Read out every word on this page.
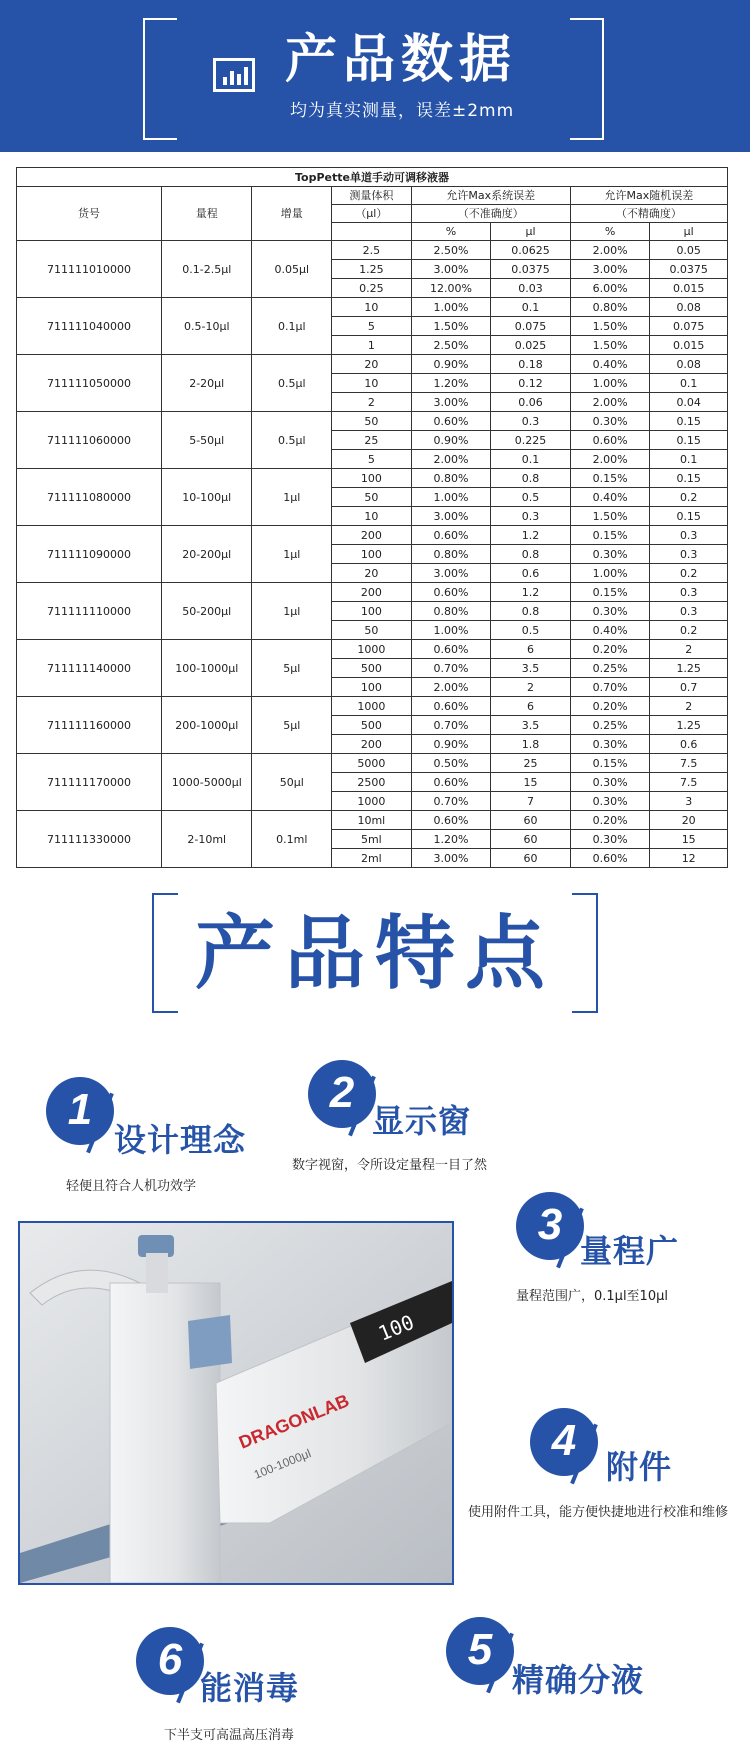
产品数据
均为真实测量，误差±2mm
TopPette单道手动可调移液器							
货号	量程	增量	测量体积	允许Max系统误差		允许Max随机误差	
			（μl）	（不准确度）		（不精确度）	
				%	μl	%	μl
711111010000	0.1-2.5μl	0.05μl	2.5	2.50%	0.0625	2.00%	0.05
			1.25	3.00%	0.0375	3.00%	0.0375
			0.25	12.00%	0.03	6.00%	0.015
711111040000	0.5-10μl	0.1μl	10	1.00%	0.1	0.80%	0.08
			5	1.50%	0.075	1.50%	0.075
			1	2.50%	0.025	1.50%	0.015
711111050000	2-20μl	0.5μl	20	0.90%	0.18	0.40%	0.08
			10	1.20%	0.12	1.00%	0.1
			2	3.00%	0.06	2.00%	0.04
711111060000	5-50μl	0.5μl	50	0.60%	0.3	0.30%	0.15
			25	0.90%	0.225	0.60%	0.15
			5	2.00%	0.1	2.00%	0.1
711111080000	10-100μl	1μl	100	0.80%	0.8	0.15%	0.15
			50	1.00%	0.5	0.40%	0.2
			10	3.00%	0.3	1.50%	0.15
711111090000	20-200μl	1μl	200	0.60%	1.2	0.15%	0.3
			100	0.80%	0.8	0.30%	0.3
			20	3.00%	0.6	1.00%	0.2
711111110000	50-200μl	1μl	200	0.60%	1.2	0.15%	0.3
			100	0.80%	0.8	0.30%	0.3
			50	1.00%	0.5	0.40%	0.2
711111140000	100-1000μl	5μl	1000	0.60%	6	0.20%	2
			500	0.70%	3.5	0.25%	1.25
			100	2.00%	2	0.70%	0.7
711111160000	200-1000μl	5μl	1000	0.60%	6	0.20%	2
			500	0.70%	3.5	0.25%	1.25
			200	0.90%	1.8	0.30%	0.6
711111170000	1000-5000μl	50μl	5000	0.50%	25	0.15%	7.5
			2500	0.60%	15	0.30%	7.5
			1000	0.70%	7	0.30%	3
711111330000	2-10ml	0.1ml	10ml	0.60%	60	0.20%	20
			5ml	1.20%	60	0.30%	15
			2ml	3.00%	60	0.60%	12
产品特点
1
设计理念
轻便且符合人机功效学
2
显示窗
数字视窗，令所设定量程一目了然
3
量程广
量程范围广，0.1μl至10μl
4
附件
使用附件工具，能方便快捷地进行校准和维修
6
能消毒
下半支可高温高压消毒
5
精确分液
100
DRAGONLAB
100-1000μl
